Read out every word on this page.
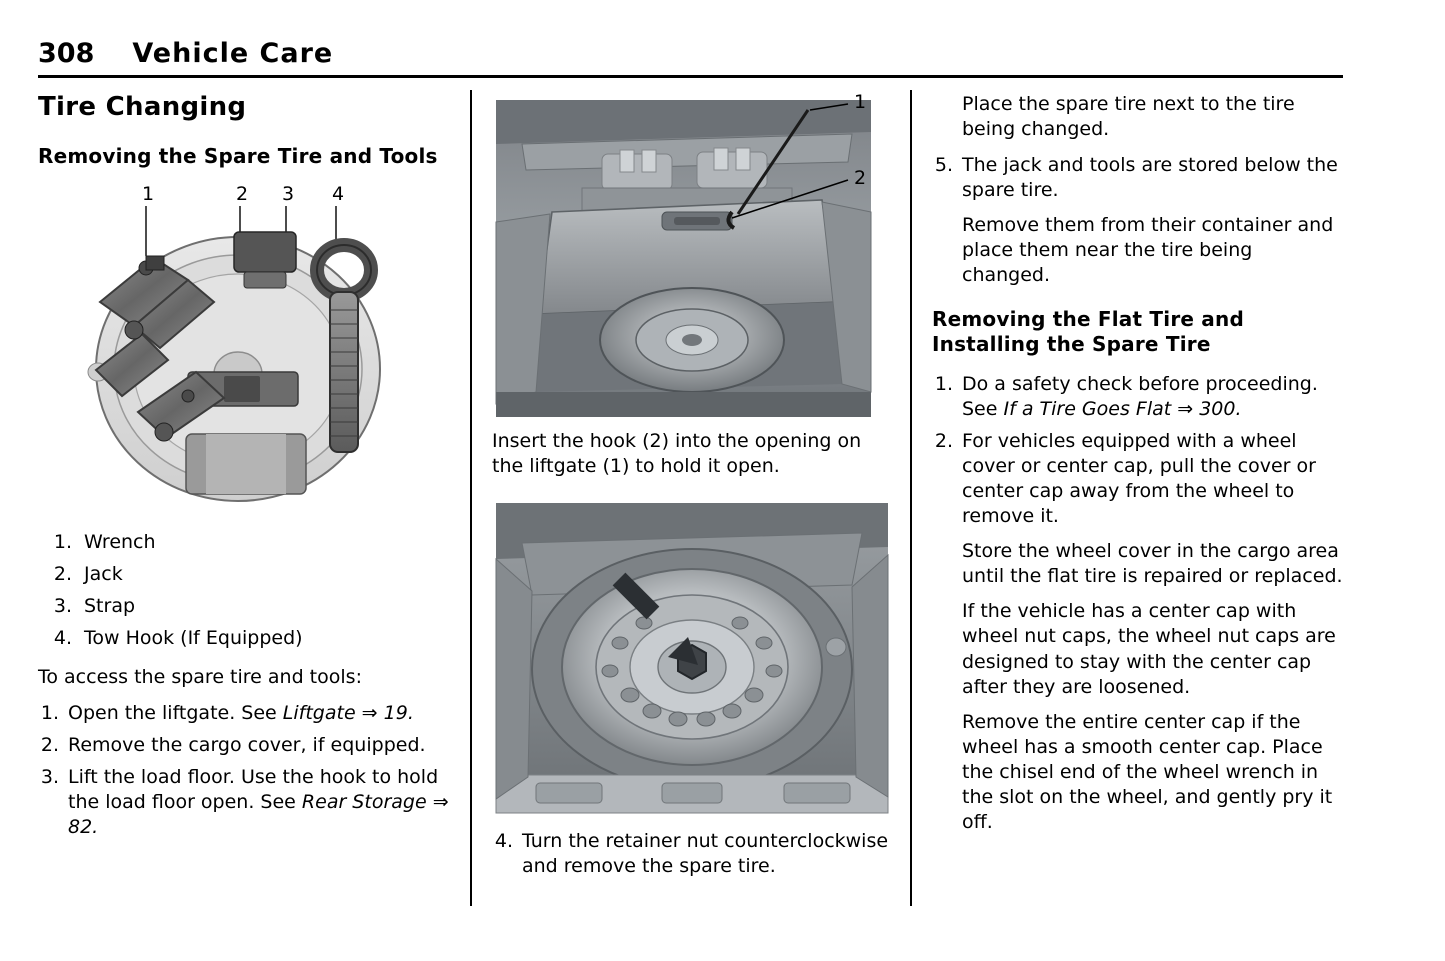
308 Vehicle Care
Tire Changing
Removing the Spare Tire and Tools
1	2 3 4
1. Wrench
2. Jack
3. Strap
4. Tow Hook (If Equipped)

To access the spare tire and tools:

1. Open the liftgate. See Liftgate ⇒ 19.
2. Remove the cargo cover, if equipped.
3. Lift the load floor. Use the hook to hold the load floor open. See Rear Storage ⇒ 82.
1
2

Insert the hook (2) into the opening on the liftgate (1) to hold it open.

4. Turn the retainer nut counterclockwise and remove the spare tire.

Place the spare tire next to the tire being changed.

5. The jack and tools are stored below the spare tire.

Remove them from their container and place them near the tire being changed.

Removing the Flat Tire and Installing the Spare Tire
1. Do a safety check before proceeding. See If a Tire Goes Flat ⇒ 300.
2. For vehicles equipped with a wheel cover or center cap, pull the cover or center cap away from the wheel to remove it.

Store the wheel cover in the cargo area until the flat tire is repaired or replaced.

If the vehicle has a center cap with wheel nut caps, the wheel nut caps are designed to stay with the center cap after they are loosened.

Remove the entire center cap if the wheel has a smooth center cap. Place the chisel end of the wheel wrench in the slot on the wheel, and gently pry it off.
